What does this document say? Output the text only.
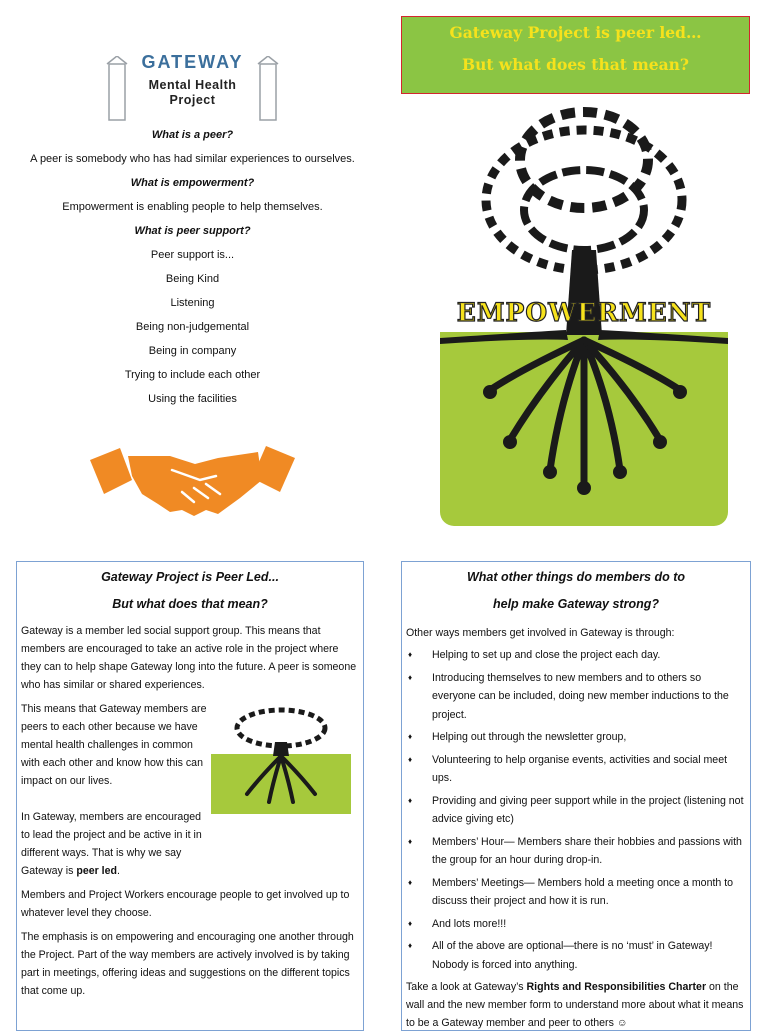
GATEWAY
Mental Health
Project

What is a peer?

A peer is somebody who has had similar experiences to ourselves.

What is empowerment?

Empowerment is enabling people to help themselves.

What is peer support?

Peer support is...

Being Kind

Listening

Being non-judgemental

Being in company

Trying to include each other

Using the facilities

Gateway Project is peer led…
But what does that mean?
EMPOWERMENT
Gateway Project is Peer Led...
But what does that mean?

Gateway is a member led social support group. This means that members are encouraged to take an active role in the project where they can to help shape Gateway long into the future. A peer is someone who has similar or shared experiences.

This means that Gateway members are peers to each other because we have mental health challenges in common with each other and know how this can impact on our lives.

In Gateway, members are encouraged to lead the project and be active in it in different ways. That is why we say Gateway is peer led.

Members and Project Workers encourage people to get involved up to whatever level they choose.

The emphasis is on empowering and encouraging one another through the Project. Part of the way members are actively involved is by taking part in meetings, offering ideas and suggestions on the different topics that come up.

What other things do members do to
help make Gateway strong?

Other ways members get involved in Gateway is through:

♦ Helping to set up and close the project each day.
♦ Introducing themselves to new members and to others so everyone can be included, doing new member inductions to the project.
♦ Helping out through the newsletter group,
♦ Volunteering to help organise events, activities and social meet ups.
♦ Providing and giving peer support while in the project (listening not advice giving etc)
♦ Members’ Hour— Members share their hobbies and passions with the group for an hour during drop-in.
♦ Members’ Meetings— Members hold a meeting once a month to discuss their project and how it is run.
♦ And lots more!!!
♦ All of the above are optional—there is no ‘must’ in Gateway! Nobody is forced into anything.

Take a look at Gateway’s Rights and Responsibilities Charter on the wall and the new member form to understand more about what it means to be a Gateway member and peer to others ☺
